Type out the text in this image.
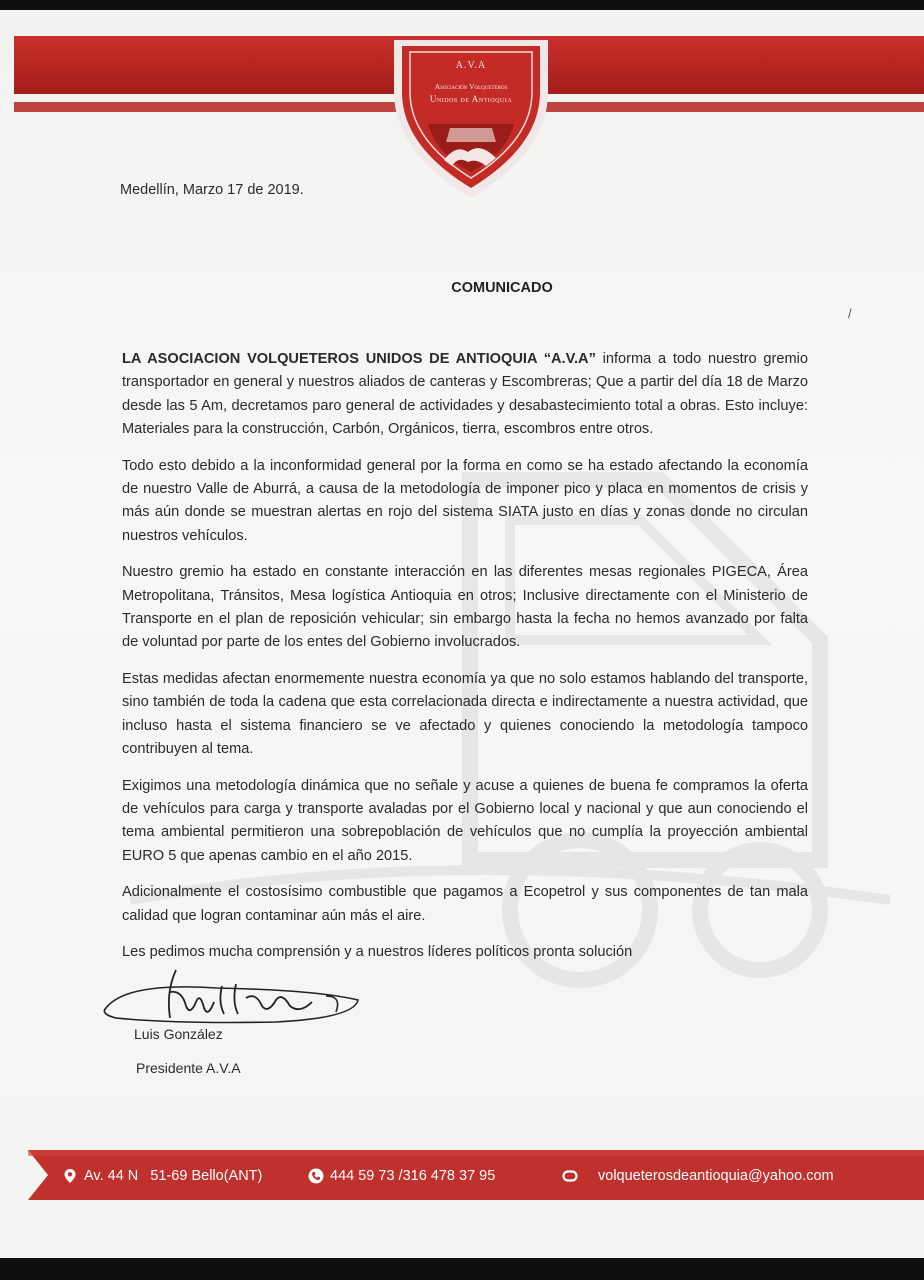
A.V.A
Asociación Volqueteros
Unidos de Antioquia
Medellín, Marzo 17 de 2019.
COMUNICADO
/

LA ASOCIACION VOLQUETEROS UNIDOS DE ANTIOQUIA “A.V.A” informa a todo nuestro gremio transportador en general y nuestros aliados de canteras y Escombreras; Que a partir del día 18 de Marzo desde las 5 Am, decretamos paro general de actividades y desabastecimiento total a obras. Esto incluye: Materiales para la construcción, Carbón, Orgánicos, tierra, escombros entre otros.

Todo esto debido a la inconformidad general por la forma en como se ha estado afectando la economía de nuestro Valle de Aburrá, a causa de la metodología de imponer pico y placa en momentos de crisis y más aún donde se muestran alertas en rojo del sistema SIATA justo en días y zonas donde no circulan nuestros vehículos.

Nuestro gremio ha estado en constante interacción en las diferentes mesas regionales PIGECA, Área Metropolitana, Tránsitos, Mesa logística Antioquia en otros; Inclusive directamente con el Ministerio de Transporte en el plan de reposición vehicular; sin embargo hasta la fecha no hemos avanzado por falta de voluntad por parte de los entes del Gobierno involucrados.

Estas medidas afectan enormemente nuestra economía ya que no solo estamos hablando del transporte, sino también de toda la cadena que esta correlacionada directa e indirectamente a nuestra actividad, que incluso hasta el sistema financiero se ve afectado y quienes conociendo la metodología tampoco contribuyen al tema.

Exigimos una metodología dinámica que no señale y acuse a quienes de buena fe compramos la oferta de vehículos para carga y transporte avaladas por el Gobierno local y nacional y que aun conociendo el tema ambiental permitieron una sobrepoblación de vehículos que no cumplía la proyección ambiental EURO 5 que apenas cambio en el año 2015.

Adicionalmente el costosísimo combustible que pagamos a Ecopetrol y sus componentes de tan mala calidad que logran contaminar aún más el aire.

Les pedimos mucha comprensión y a nuestros líderes políticos pronta solución

Luis González
Presidente A.V.A
Av. 44 N   51-69 Bello(ANT)	444 59 73 /316 478 37 95	volqueterosdeantioquia@yahoo.com
